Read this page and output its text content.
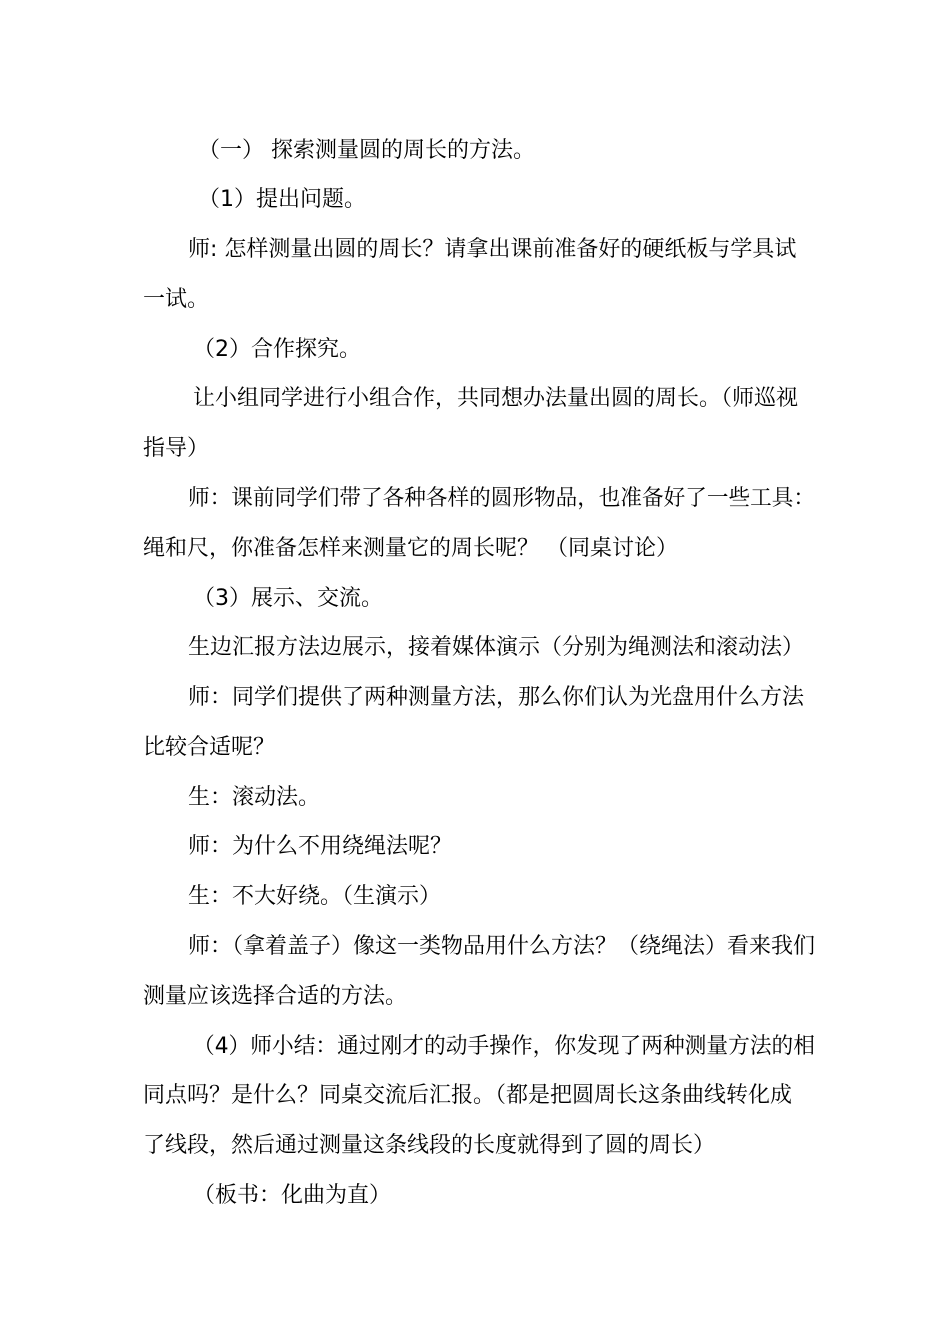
（一） 探索测量圆的周长的方法。
（1）提出问题。
师: 怎样测量出圆的周长？请拿出课前准备好的硬纸板与学具试
一试。
（2）合作探究。
让小组同学进行小组合作，共同想办法量出圆的周长。（师巡视
指导）
师：课前同学们带了各种各样的圆形物品，也准备好了一些工具：
绳和尺，你准备怎样来测量它的周长呢？ （同桌讨论）
（3）展示、交流。
生边汇报方法边展示，接着媒体演示（分别为绳测法和滚动法）
师：同学们提供了两种测量方法，那么你们认为光盘用什么方法
比较合适呢？
生：滚动法。
师：为什么不用绕绳法呢？
生：不大好绕。（生演示）
师：（拿着盖子）像这一类物品用什么方法？（绕绳法）看来我们
测量应该选择合适的方法。
（4）师小结：通过刚才的动手操作，你发现了两种测量方法的相
同点吗？是什么？同桌交流后汇报。（都是把圆周长这条曲线转化成
了线段，然后通过测量这条线段的长度就得到了圆的周长）
（板书：化曲为直）
